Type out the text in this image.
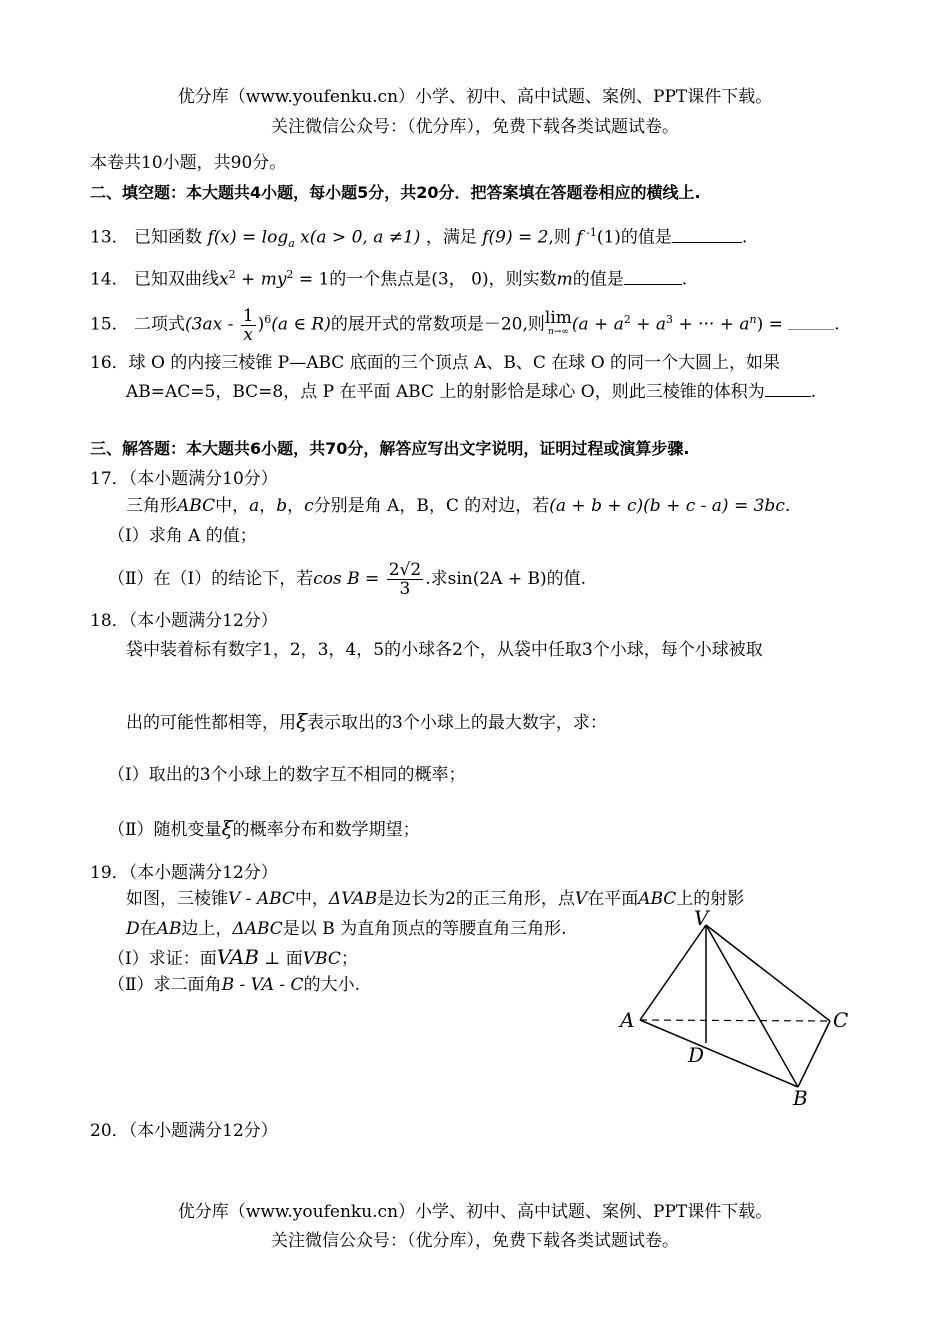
优分库（www.youfenku.cn）小学、初中、高中试题、案例、PPT课件下载。
关注微信公众号：（优分库），免费下载各类试题试卷。
本卷共10小题，共90分。
二、填空题：本大题共4小题，每小题5分，共20分．把答案填在答题卷相应的横线上.
13． 已知函数 $f(x) = \log_a x(a > 0$, a ≠1) ，满足 f(9) = 2,则 f $^{-1}$(1)的值是	.
14． 已知双曲线$x^2 + my^2 = 1$的一个焦点是(3， 0)，则实数m的值是	.
15． 二项式$(3ax - \frac{1}{x} )^6(a$ ∈ R)的展开式的常数项是－20,则lim
n→∞ ($a + a^2 + a^3$ + ··· + $a^n$) =	.
16．球 O 的内接三棱锥 P—ABC 底面的三个顶点 A、B、C 在球 O 的同一个大圆上，如果
AB=AC=5，BC=8，点 P 在平面 ABC 上的射影恰是球心 O，则此三棱锥的体积为	.
三、解答题：本大题共6小题，共70分，解答应写出文字说明，证明过程或演算步骤.
17．（本小题满分10分）
三角形ABC中，a，b，c分别是角 A，B，C 的对边，若(a + b + c)(b + c - a) = 3bc.
（Ⅰ）求角 A 的值；
（Ⅱ）在（Ⅰ）的结论下，若$\cos B = \frac{2√2}{3}$ .求sin(2A + B)的值.
18．（本小题满分12分）
袋中装着标有数字1，2，3，4，5的小球各2个，从袋中任取3个小球，每个小球被取
出的可能性都相等，用ξ表示取出的3个小球上的最大数字，求：
（Ⅰ）取出的3个小球上的数字互不相同的概率；
（Ⅱ）随机变量ξ的概率分布和数学期望；
19．（本小题满分12分）
如图，三棱锥V - ABC中，ΔVAB是边长为2的正三角形，点V在平面ABC上的射影
D在AB边上，ΔABC是以 B 为直角顶点的等腰直角三角形.
（Ⅰ）求证：面VAB ⊥ 面VBC；
（Ⅱ）求二面角B - VA - C的大小.
V
A	C
D
B
20．（本小题满分12分）
优分库（www.youfenku.cn）小学、初中、高中试题、案例、PPT课件下载。
关注微信公众号：（优分库），免费下载各类试题试卷。
